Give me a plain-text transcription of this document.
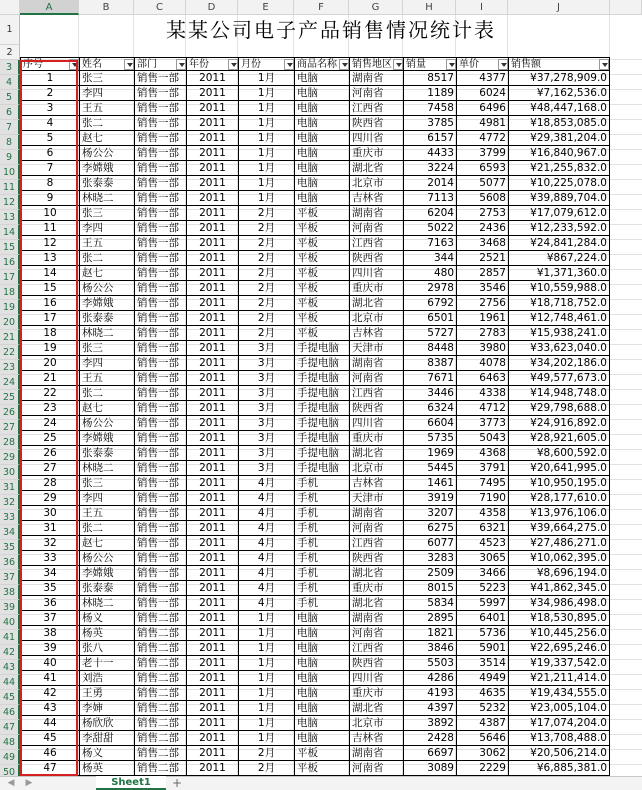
A	B	C	D	E	F	G	H	I	J
1
2
3
4
5
6
7
8
9
10
11
12
13
14
15
16
17
18
19
20
21
22
23
24
25
26
27
28
29
30
31
32
33
34
35
36
37
38
39
40
41
42
43
44
45
46
47
48
49
50
某某公司电子产品销售情况统计表
序号	姓名	部门	年份	月份	商品名称	销售地区	销量	单价	销售额
1	张三	销售一部	2011	1月	电脑	湖南省	8517	4377	¥37,278,909.0
2	李四	销售一部	2011	1月	电脑	河南省	1189	6024	¥7,162,536.0
3	王五	销售一部	2011	1月	电脑	江西省	7458	6496	¥48,447,168.0
4	张二	销售一部	2011	1月	电脑	陕西省	3785	4981	¥18,853,085.0
5	赵七	销售一部	2011	1月	电脑	四川省	6157	4772	¥29,381,204.0
6	杨公公	销售一部	2011	1月	电脑	重庆市	4433	3799	¥16,840,967.0
7	李嫦娥	销售一部	2011	1月	电脑	湖北省	3224	6593	¥21,255,832.0
8	张泰泰	销售一部	2011	1月	电脑	北京市	2014	5077	¥10,225,078.0
9	林晓二	销售一部	2011	1月	电脑	吉林省	7113	5608	¥39,889,704.0
10	张三	销售一部	2011	2月	平板	湖南省	6204	2753	¥17,079,612.0
11	李四	销售一部	2011	2月	平板	河南省	5022	2436	¥12,233,592.0
12	王五	销售一部	2011	2月	平板	江西省	7163	3468	¥24,841,284.0
13	张二	销售一部	2011	2月	平板	陕西省	344	2521	¥867,224.0
14	赵七	销售一部	2011	2月	平板	四川省	480	2857	¥1,371,360.0
15	杨公公	销售一部	2011	2月	平板	重庆市	2978	3546	¥10,559,988.0
16	李嫦娥	销售一部	2011	2月	平板	湖北省	6792	2756	¥18,718,752.0
17	张泰泰	销售一部	2011	2月	平板	北京市	6501	1961	¥12,748,461.0
18	林晓二	销售一部	2011	2月	平板	吉林省	5727	2783	¥15,938,241.0
19	张三	销售一部	2011	3月	手提电脑	天津市	8448	3980	¥33,623,040.0
20	李四	销售一部	2011	3月	手提电脑	湖南省	8387	4078	¥34,202,186.0
21	王五	销售一部	2011	3月	手提电脑	河南省	7671	6463	¥49,577,673.0
22	张二	销售一部	2011	3月	手提电脑	江西省	3446	4338	¥14,948,748.0
23	赵七	销售一部	2011	3月	手提电脑	陕西省	6324	4712	¥29,798,688.0
24	杨公公	销售一部	2011	3月	手提电脑	四川省	6604	3773	¥24,916,892.0
25	李嫦娥	销售一部	2011	3月	手提电脑	重庆市	5735	5043	¥28,921,605.0
26	张泰泰	销售一部	2011	3月	手提电脑	湖北省	1969	4368	¥8,600,592.0
27	林晓二	销售一部	2011	3月	手提电脑	北京市	5445	3791	¥20,641,995.0
28	张三	销售一部	2011	4月	手机	吉林省	1461	7495	¥10,950,195.0
29	李四	销售一部	2011	4月	手机	天津市	3919	7190	¥28,177,610.0
30	王五	销售一部	2011	4月	手机	湖南省	3207	4358	¥13,976,106.0
31	张二	销售一部	2011	4月	手机	河南省	6275	6321	¥39,664,275.0
32	赵七	销售一部	2011	4月	手机	江西省	6077	4523	¥27,486,271.0
33	杨公公	销售一部	2011	4月	手机	陕西省	3283	3065	¥10,062,395.0
34	李嫦娥	销售一部	2011	4月	手机	湖北省	2509	3466	¥8,696,194.0
35	张泰泰	销售一部	2011	4月	手机	重庆市	8015	5223	¥41,862,345.0
36	林晓二	销售一部	2011	4月	手机	湖北省	5834	5997	¥34,986,498.0
37	杨义	销售二部	2011	1月	电脑	湖南省	2895	6401	¥18,530,895.0
38	杨英	销售二部	2011	1月	电脑	河南省	1821	5736	¥10,445,256.0
39	张八	销售二部	2011	1月	电脑	江西省	3846	5901	¥22,695,246.0
40	老十一	销售二部	2011	1月	电脑	陕西省	5503	3514	¥19,337,542.0
41	刘浩	销售二部	2011	1月	电脑	四川省	4286	4949	¥21,211,414.0
42	王勇	销售二部	2011	1月	电脑	重庆市	4193	4635	¥19,434,555.0
43	李婶	销售二部	2011	1月	电脑	湖北省	4397	5232	¥23,005,104.0
44	杨欣欣	销售二部	2011	1月	电脑	北京市	3892	4387	¥17,074,204.0
45	李甜甜	销售二部	2011	1月	电脑	吉林省	2428	5646	¥13,708,488.0
46	杨义	销售二部	2011	2月	平板	湖南省	6697	3062	¥20,506,214.0
47	杨英	销售二部	2011	2月	平板	河南省	3089	2229	¥6,885,381.0
◀	▶	Sheet1	+
